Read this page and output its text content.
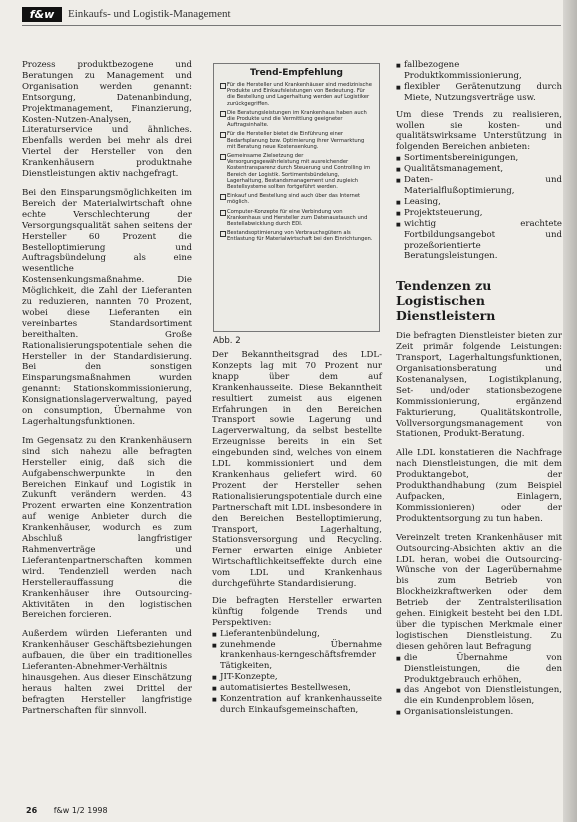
f&w	Einkaufs- und Logistik-Management

Prozess produktbezogene und Beratungen zu Management und Organisation werden genannt: Entsorgung, Datenanbindung, Projektmanagement, Finanzierung, Kosten-Nutzen-Analysen, Literaturservice und ähnliches. Ebenfalls werden bei mehr als drei Viertel der Hersteller von den Krankenhäusern produktnahe Dienstleistungen aktiv nachgefragt.

Bei den Einsparungsmöglichkeiten im Bereich der Materialwirtschaft ohne echte Verschlechterung der Versorgungsqualität sahen seitens der Hersteller 60 Prozent die Bestelloptimierung und Auftragsbündelung als eine wesentliche Kostensenkungsmaßnahme. Die Möglichkeit, die Zahl der Lieferanten zu reduzieren, nannten 70 Prozent, wobei diese Lieferanten ein vereinbartes Standardsortiment bereithalten. Große Rationalisierungspotentiale sehen die Hersteller in der Standardisierung. Bei den sonstigen Einsparungsmaßnahmen wurden genannt: Stationskommissionierung, Konsignationslagerverwaltung, payed on consumption, Übernahme von Lagerhaltungsfunktionen.

Im Gegensatz zu den Krankenhäusern sind sich nahezu alle befragten Hersteller einig, daß sich die Aufgabenschwerpunkte in den Bereichen Einkauf und Logistik in Zukunft verändern werden. 43 Prozent erwarten eine Konzentration auf wenige Anbieter durch die Krankenhäuser, wodurch es zum Abschluß langfristiger Rahmenverträge und Lieferantenpartnerschaften kommen wird. Tendenziell werden nach Herstellerauffassung die Krankenhäuser ihre Outsourcing-Aktivitäten in den logistischen Bereichen forcieren.

Außerdem würden Lieferanten und Krankenhäuser Geschäftsbeziehungen aufbauen, die über ein traditionelles Lieferanten-Abnehmer-Verhältnis hinausgehen. Aus dieser Einschätzung heraus halten zwei Drittel der befragten Hersteller langfristige Partnerschaften für sinnvoll.

Trend-Empfehlung
Für die Hersteller und Krankenhäuser sind medizinische Produkte und Einkaufsleistungen von Bedeutung. Für die Bestellung und Lagerhaltung werden auf Logistiker zurückgegriffen.
Die Beratungsleistungen im Krankenhaus haben auch die Produkte und die Vermittlung geeigneter Auftragsinhalte.
Für die Hersteller bietet die Einführung einer Bedarfsplanung bzw. Optimierung ihrer Vermarktung mit Beratung neue Kostensenkung.
Gemeinsame Zielsetzung der Versorgungsgewährleistung mit ausreichender Kostentransparenz durch Steuerung und Controlling im Bereich der Logistik. Sortimentsbündelung, Lagerhaltung, Bestandsmanagement und zugleich Bestellsysteme sollten fortgeführt werden.
Einkauf und Bestellung sind auch über das Internet möglich.
Computer-Konzepte für eine Verbindung von Krankenhaus und Hersteller zum Datenaustausch und Bestellabwicklung durch EDI.
Bestandsoptimierung von Verbrauchsgütern als Entlastung für Materialwirtschaft bei den Einrichtungen.
Abb. 2

Der Bekanntheitsgrad des LDL-Konzepts lag mit 70 Prozent nur knapp über dem auf Krankenhausseite. Diese Bekanntheit resultiert zumeist aus eigenen Erfahrungen in den Bereichen Transport sowie Lagerung und Lagerverwaltung, da selbst bestellte Erzeugnisse bereits in ein Set eingebunden sind, welches von einem LDL kommissioniert und dem Krankenhaus geliefert wird. 60 Prozent der Hersteller sehen Rationalisierungspotentiale durch eine Partnerschaft mit LDL insbesondere in den Bereichen Bestelloptimierung, Transport, Lagerhaltung, Stationsversorgung und Recycling. Ferner erwarten einige Anbieter Wirtschaftlichkeitseffekte durch eine vom LDL und Krankenhaus durchgeführte Standardisierung.

Die befragten Hersteller erwarten künftig folgende Trends und Perspektiven:

■ Lieferantenbündelung,
■ zunehmende Übernahme krankenhaus-kerngeschäftsfremder Tätigkeiten,
■ JIT-Konzepte,
■ automatisiertes Bestellwesen,
■ Konzentration auf krankenhausseite durch Einkaufsgemeinschaften,
■ fallbezogene Produktkommissionierung,
■ flexibler Gerätenutzung durch Miete, Nutzungsverträge usw.

Um diese Trends zu realisieren, wollen sie kosten- und qualitätswirksame Unterstützung in folgenden Bereichen anbieten:

■ Sortimentsbereinigungen,
■ Qualitätsmanagement,
■ Daten- und Materialflußoptimierung,
■ Leasing,
■ Projektsteuerung,
■ wichtig erachtete Fortbildungsangebot und prozeßorientierte Beratungsleistungen.
Tendenzen zu Logistischen Dienstleistern

Die befragten Dienstleister bieten zur Zeit primär folgende Leistungen: Transport, Lagerhaltungsfunktionen, Organisationsberatung und Kostenanalysen, Logistikplanung, Set- und/oder stationsbezogene Kommissionierung, ergänzend Fakturierung, Qualitätskontrolle, Vollversorgungsmanagement von Stationen, Produkt-Beratung.

Alle LDL konstatieren die Nachfrage nach Dienstleistungen, die mit dem Produktangebot, der Produkthandhabung (zum Beispiel Aufpacken, Einlagern, Kommissionieren) oder der Produktentsorgung zu tun haben.

Vereinzelt treten Krankenhäuser mit Outsourcing-Absichten aktiv an die LDL heran, wobei die Outsourcing-Wünsche von der Lagerübernahme bis zum Betrieb von Blockheizkraftwerken oder dem Betrieb der Zentralsterilisation gehen. Einigkeit besteht bei den LDL über die typischen Merkmale einer logistischen Dienstleistung. Zu diesen gehören laut Befragung

■ die Übernahme von Dienstleistungen, die den Produktgebrauch erhöhen,
■ das Angebot von Dienstleistungen, die ein Kundenproblem lösen,
■ Organisationsleistungen.
26 f&w 1/2 1998
